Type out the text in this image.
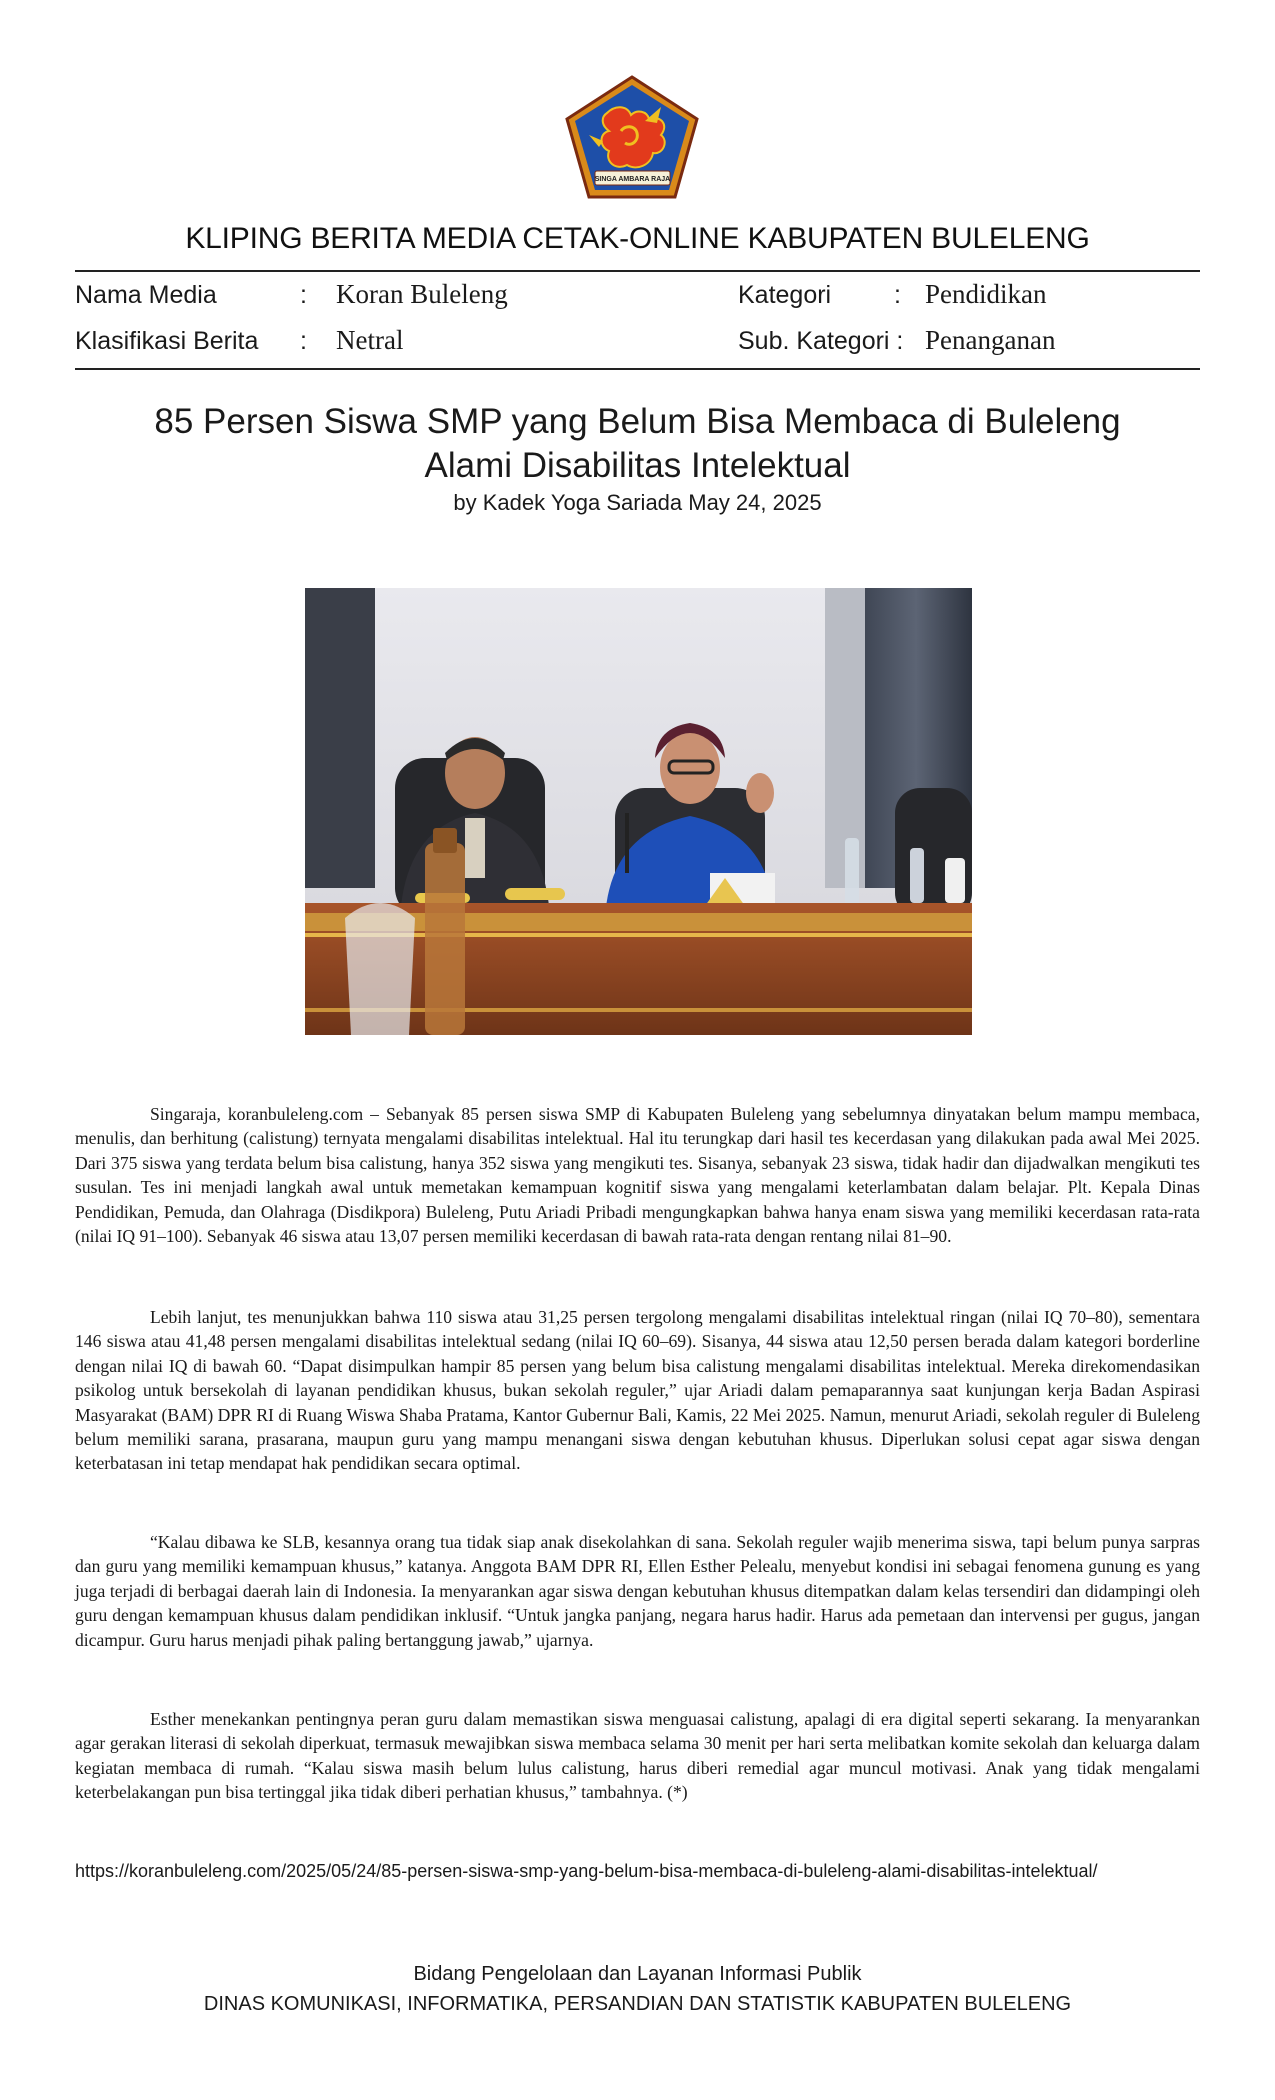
SINGA AMBARA RAJA
KLIPING BERITA MEDIA CETAK-ONLINE KABUPATEN BULELENG
Nama Media	: Koran Buleleng	Kategori	: Pendidikan
Klasifikasi Berita : Netral	Sub. Kategori : Penanganan
85 Persen Siswa SMP yang Belum Bisa Membaca di Buleleng
Alami Disabilitas Intelektual
by Kadek Yoga Sariada May 24, 2025

Singaraja, koranbuleleng.com – Sebanyak 85 persen siswa SMP di Kabupaten Buleleng yang sebelumnya dinyatakan belum mampu membaca, menulis, dan berhitung (calistung) ternyata mengalami disabilitas intelektual. Hal itu terungkap dari hasil tes kecerdasan yang dilakukan pada awal Mei 2025. Dari 375 siswa yang terdata belum bisa calistung, hanya 352 siswa yang mengikuti tes. Sisanya, sebanyak 23 siswa, tidak hadir dan dijadwalkan mengikuti tes susulan. Tes ini menjadi langkah awal untuk memetakan kemampuan kognitif siswa yang mengalami keterlambatan dalam belajar. Plt. Kepala Dinas Pendidikan, Pemuda, dan Olahraga (Disdikpora) Buleleng, Putu Ariadi Pribadi mengungkapkan bahwa hanya enam siswa yang memiliki kecerdasan rata-rata (nilai IQ 91–100). Sebanyak 46 siswa atau 13,07 persen memiliki kecerdasan di bawah rata-rata dengan rentang nilai 81–90.

Lebih lanjut, tes menunjukkan bahwa 110 siswa atau 31,25 persen tergolong mengalami disabilitas intelektual ringan (nilai IQ 70–80), sementara 146 siswa atau 41,48 persen mengalami disabilitas intelektual sedang (nilai IQ 60–69). Sisanya, 44 siswa atau 12,50 persen berada dalam kategori borderline dengan nilai IQ di bawah 60. “Dapat disimpulkan hampir 85 persen yang belum bisa calistung mengalami disabilitas intelektual. Mereka direkomendasikan psikolog untuk bersekolah di layanan pendidikan khusus, bukan sekolah reguler,” ujar Ariadi dalam pemaparannya saat kunjungan kerja Badan Aspirasi Masyarakat (BAM) DPR RI di Ruang Wiswa Shaba Pratama, Kantor Gubernur Bali, Kamis, 22 Mei 2025. Namun, menurut Ariadi, sekolah reguler di Buleleng belum memiliki sarana, prasarana, maupun guru yang mampu menangani siswa dengan kebutuhan khusus. Diperlukan solusi cepat agar siswa dengan keterbatasan ini tetap mendapat hak pendidikan secara optimal.

“Kalau dibawa ke SLB, kesannya orang tua tidak siap anak disekolahkan di sana. Sekolah reguler wajib menerima siswa, tapi belum punya sarpras dan guru yang memiliki kemampuan khusus,” katanya. Anggota BAM DPR RI, Ellen Esther Pelealu, menyebut kondisi ini sebagai fenomena gunung es yang juga terjadi di berbagai daerah lain di Indonesia. Ia menyarankan agar siswa dengan kebutuhan khusus ditempatkan dalam kelas tersendiri dan didampingi oleh guru dengan kemampuan khusus dalam pendidikan inklusif. “Untuk jangka panjang, negara harus hadir. Harus ada pemetaan dan intervensi per gugus, jangan dicampur. Guru harus menjadi pihak paling bertanggung jawab,” ujarnya.

Esther menekankan pentingnya peran guru dalam memastikan siswa menguasai calistung, apalagi di era digital seperti sekarang. Ia menyarankan agar gerakan literasi di sekolah diperkuat, termasuk mewajibkan siswa membaca selama 30 menit per hari serta melibatkan komite sekolah dan keluarga dalam kegiatan membaca di rumah. “Kalau siswa masih belum lulus calistung, harus diberi remedial agar muncul motivasi. Anak yang tidak mengalami keterbelakangan pun bisa tertinggal jika tidak diberi perhatian khusus,” tambahnya. (*)

https://koranbuleleng.com/2025/05/24/85-persen-siswa-smp-yang-belum-bisa-membaca-di-buleleng-alami-disabilitas-intelektual/
Bidang Pengelolaan dan Layanan Informasi Publik
DINAS KOMUNIKASI, INFORMATIKA, PERSANDIAN DAN STATISTIK KABUPATEN BULELENG
